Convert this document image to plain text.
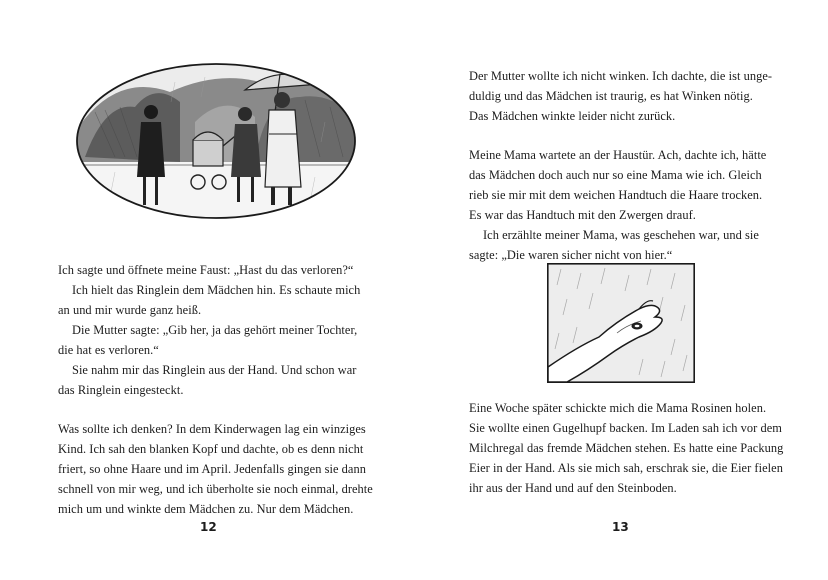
Ich sagte und öffnete meine Faust: „Hast du das verloren?“

Ich hielt das Ringlein dem Mädchen hin. Es schaute mich

an und mir wurde ganz heiß.

Die Mutter sagte: „Gib her, ja das gehört meiner Tochter,

die hat es verloren.“

Sie nahm mir das Ringlein aus der Hand. Und schon war

das Ringlein eingesteckt.

Was sollte ich denken? In dem Kinderwagen lag ein winziges

Kind. Ich sah den blanken Kopf und dachte, ob es denn nicht

friert, so ohne Haare und im April. Jedenfalls gingen sie dann

schnell von mir weg, und ich überholte sie noch einmal, drehte

mich um und winkte dem Mädchen zu. Nur dem Mädchen.

12

Der Mutter wollte ich nicht winken. Ich dachte, die ist unge-

duldig und das Mädchen ist traurig, es hat Winken nötig.

Das Mädchen winkte leider nicht zurück.

Meine Mama wartete an der Haustür. Ach, dachte ich, hätte

das Mädchen doch auch nur so eine Mama wie ich. Gleich

rieb sie mir mit dem weichen Handtuch die Haare trocken.

Es war das Handtuch mit den Zwergen drauf.

Ich erzählte meiner Mama, was geschehen war, und sie

sagte: „Die waren sicher nicht von hier.“

Eine Woche später schickte mich die Mama Rosinen holen.

Sie wollte einen Gugelhupf backen. Im Laden sah ich vor dem

Milchregal das fremde Mädchen stehen. Es hatte eine Packung

Eier in der Hand. Als sie mich sah, erschrak sie, die Eier fielen

ihr aus der Hand und auf den Steinboden.

13
